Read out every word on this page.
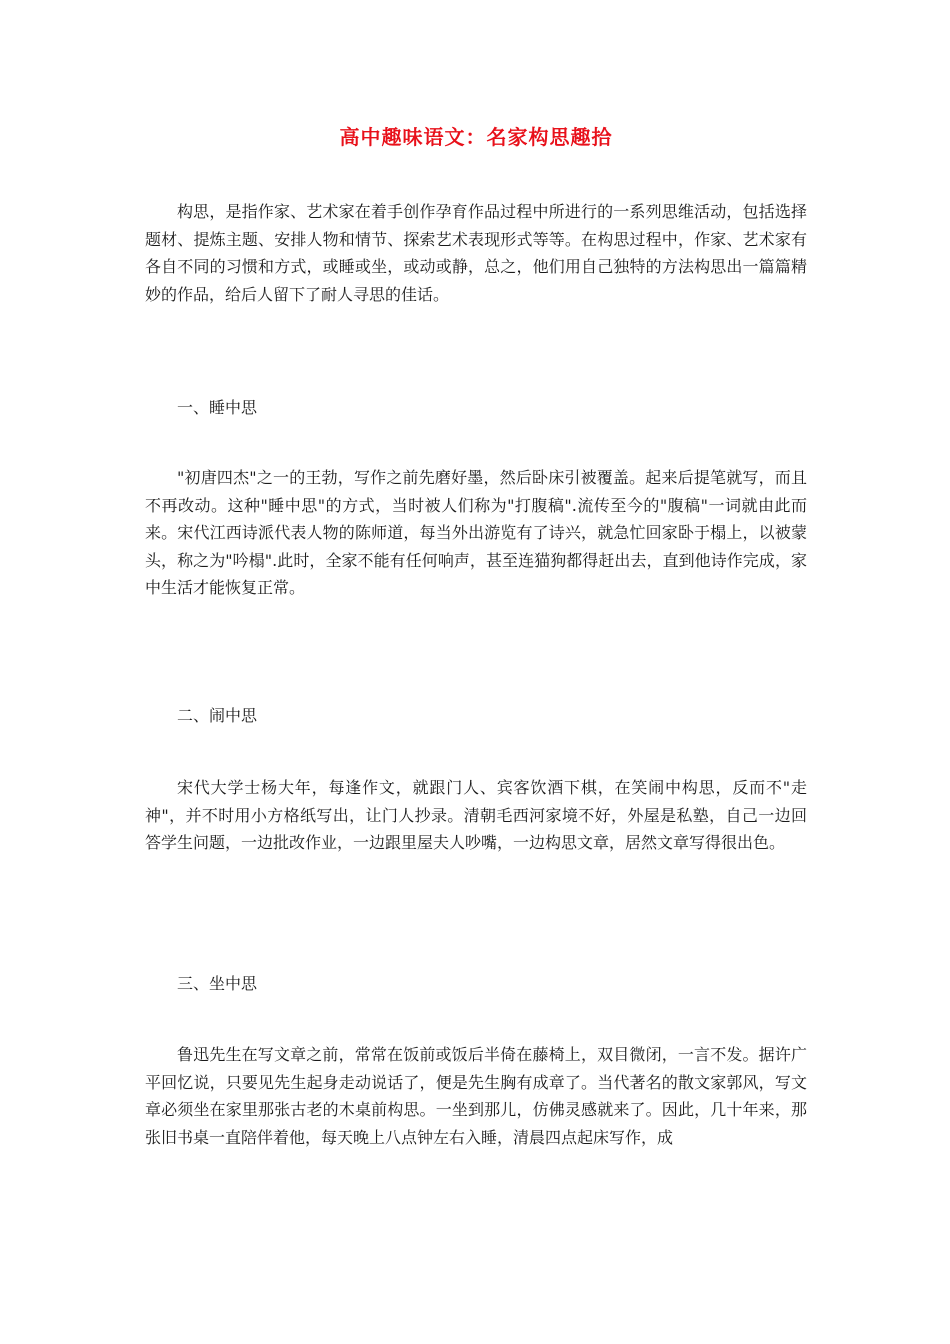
高中趣味语文：名家构思趣拾

构思，是指作家、艺术家在着手创作孕育作品过程中所进行的一系列思维活动，包括选择题材、提炼主题、安排人物和情节、探索艺术表现形式等等。在构思过程中，作家、艺术家有各自不同的习惯和方式，或睡或坐，或动或静，总之，他们用自己独特的方法构思出一篇篇精妙的作品，给后人留下了耐人寻思的佳话。

一、睡中思

"初唐四杰"之一的王勃，写作之前先磨好墨，然后卧床引被覆盖。起来后提笔就写，而且不再改动。这种"睡中思"的方式，当时被人们称为"打腹稿".流传至今的"腹稿"一词就由此而来。宋代江西诗派代表人物的陈师道，每当外出游览有了诗兴，就急忙回家卧于榻上，以被蒙头，称之为"吟榻".此时，全家不能有任何响声，甚至连猫狗都得赶出去，直到他诗作完成，家中生活才能恢复正常。

二、闹中思

宋代大学士杨大年，每逢作文，就跟门人、宾客饮酒下棋，在笑闹中构思，反而不"走神"，并不时用小方格纸写出，让门人抄录。清朝毛西河家境不好，外屋是私塾，自己一边回答学生问题，一边批改作业，一边跟里屋夫人吵嘴，一边构思文章，居然文章写得很出色。

三、坐中思

鲁迅先生在写文章之前，常常在饭前或饭后半倚在藤椅上，双目微闭，一言不发。据许广平回忆说，只要见先生起身走动说话了，便是先生胸有成章了。当代著名的散文家郭风，写文章必须坐在家里那张古老的木桌前构思。一坐到那儿，仿佛灵感就来了。因此，几十年来，那张旧书桌一直陪伴着他，每天晚上八点钟左右入睡，清晨四点起床写作，成
